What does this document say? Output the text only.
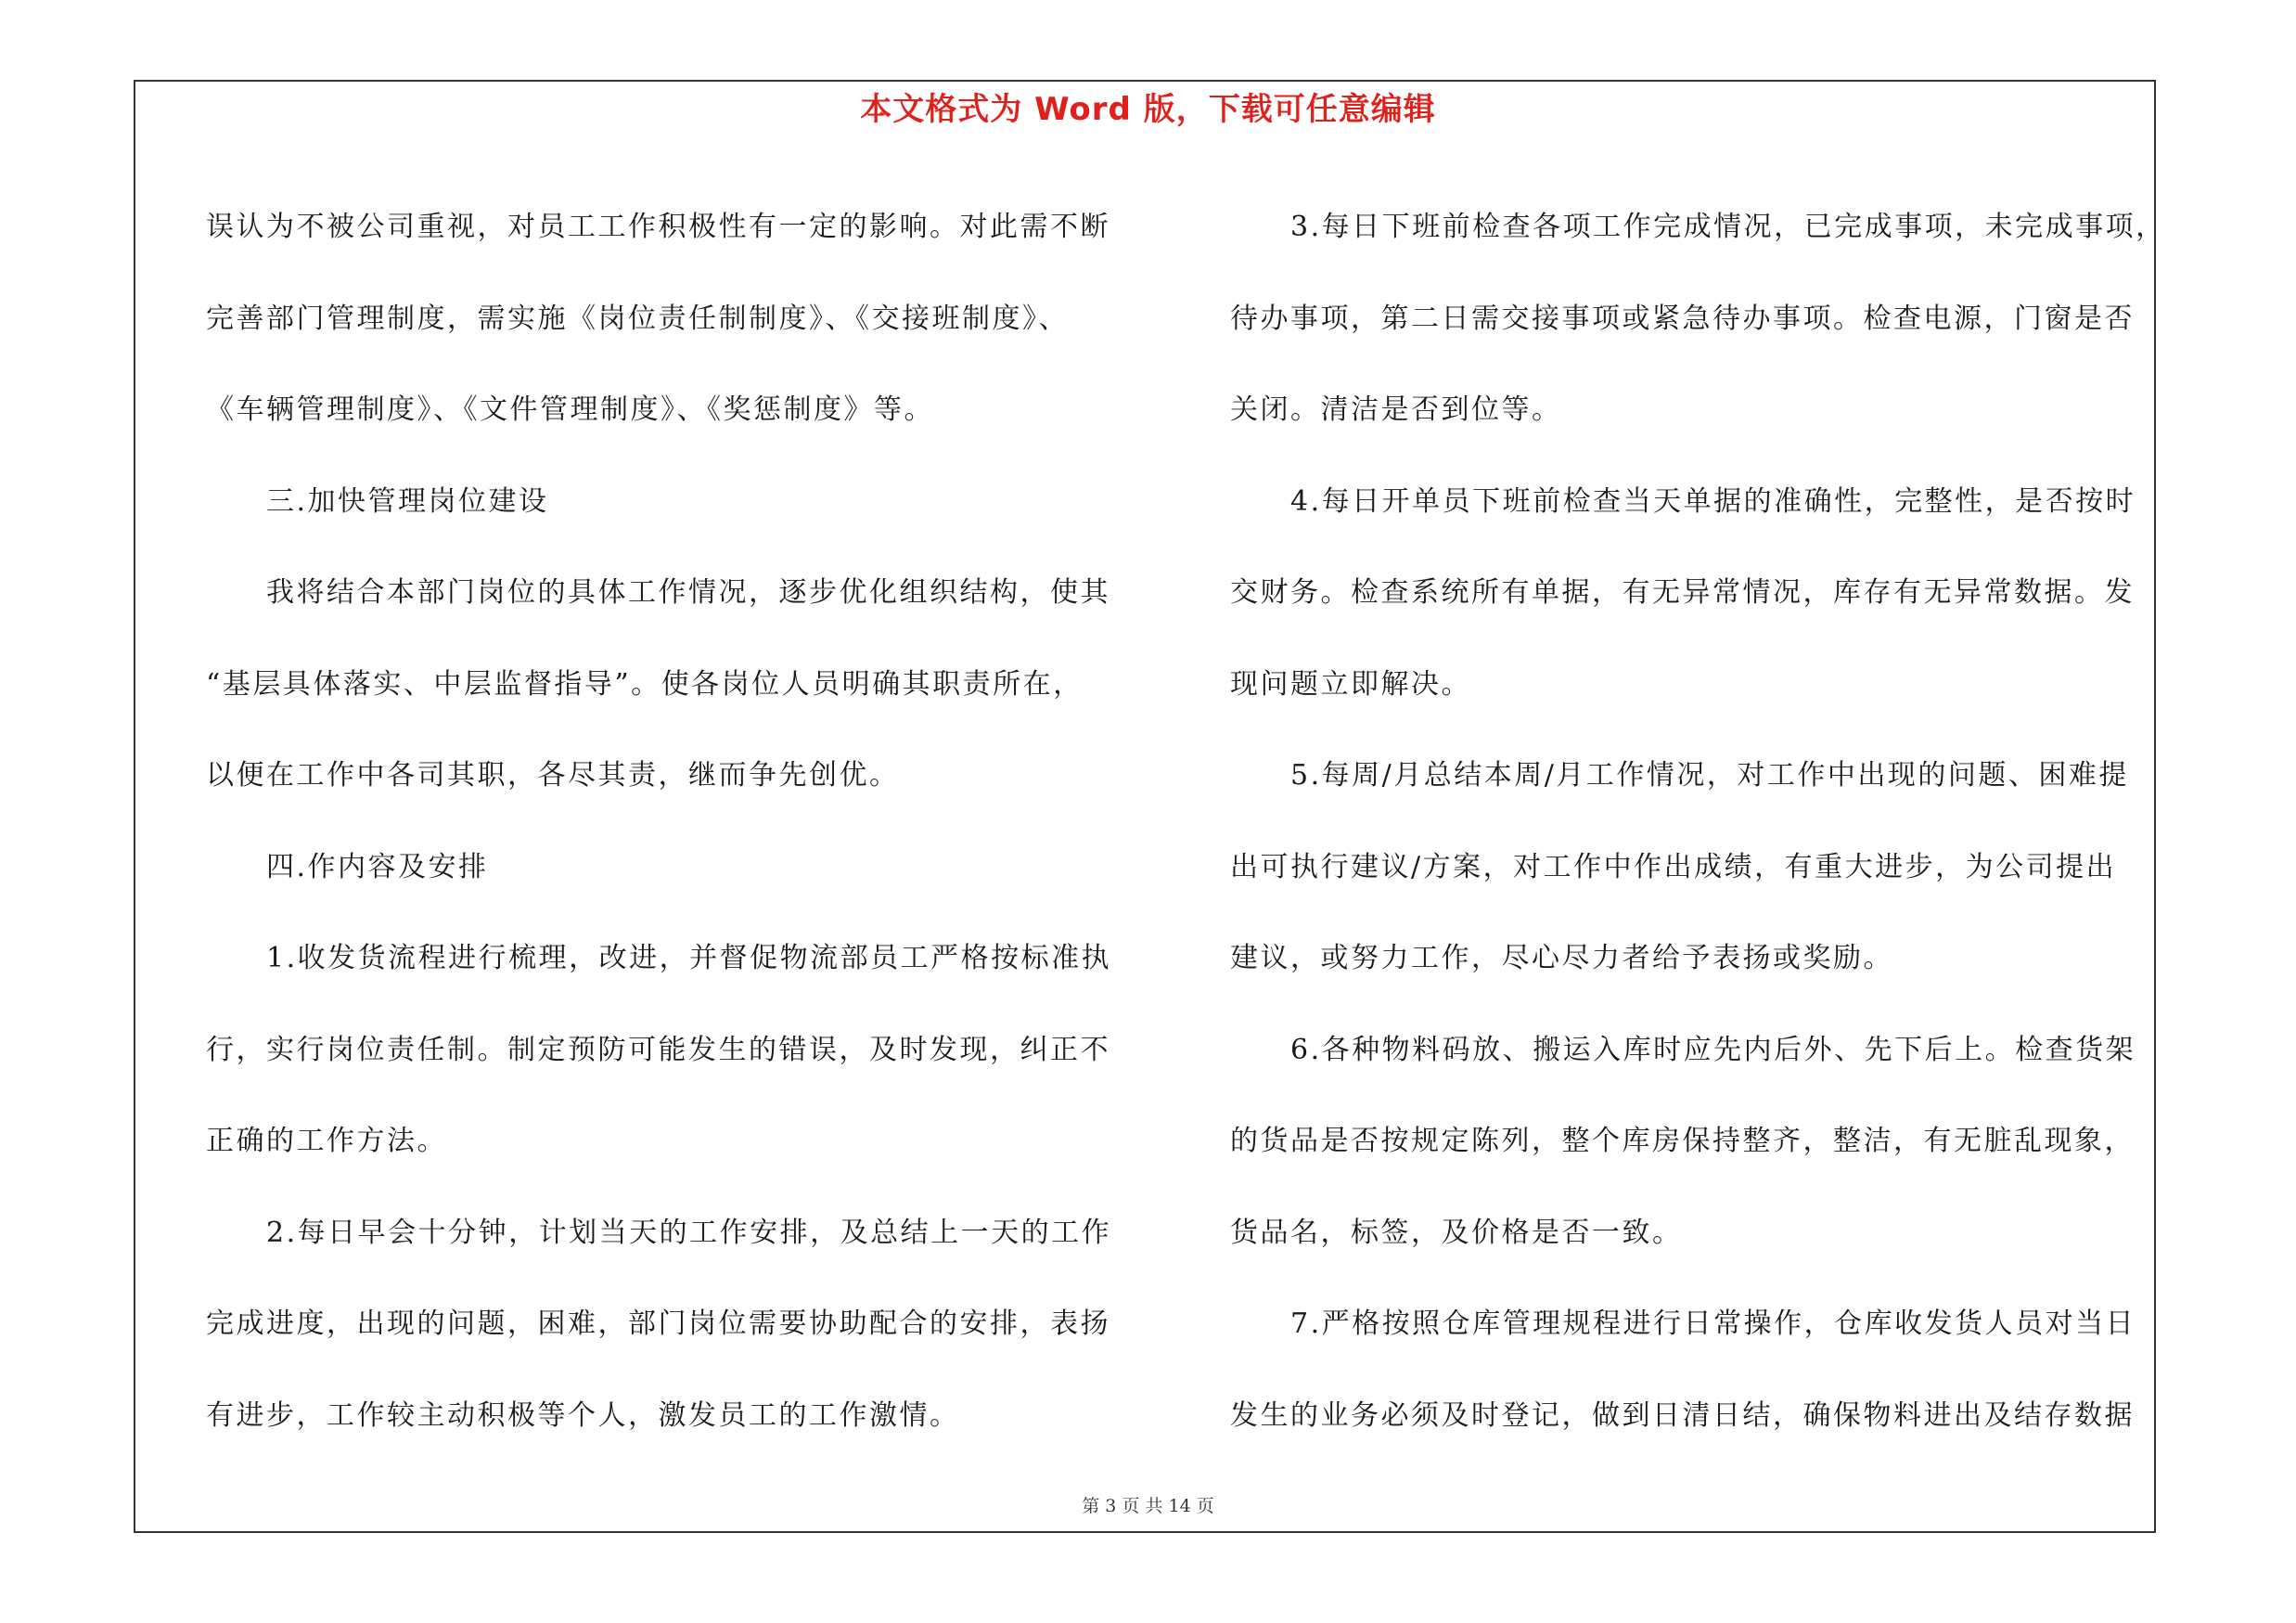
本文格式为 Word 版，下载可任意编辑
误认为不被公司重视，对员工工作积极性有一定的影响。对此需不断
完善部门管理制度，需实施《岗位责任制制度》、《交接班制度》、
《车辆管理制度》、《文件管理制度》、《奖惩制度》等。
　　三.加快管理岗位建设
　　我将结合本部门岗位的具体工作情况，逐步优化组织结构，使其
“基层具体落实、中层监督指导”。使各岗位人员明确其职责所在，
以便在工作中各司其职，各尽其责，继而争先创优。
　　四.作内容及安排
　　1.收发货流程进行梳理，改进，并督促物流部员工严格按标准执
行，实行岗位责任制。制定预防可能发生的错误，及时发现，纠正不
正确的工作方法。
　　2.每日早会十分钟，计划当天的工作安排，及总结上一天的工作
完成进度，出现的问题，困难，部门岗位需要协助配合的安排，表扬
有进步，工作较主动积极等个人，激发员工的工作激情。
　　3.每日下班前检查各项工作完成情况，已完成事项，未完成事项，
待办事项，第二日需交接事项或紧急待办事项。检查电源，门窗是否
关闭。清洁是否到位等。
　　4.每日开单员下班前检查当天单据的准确性，完整性，是否按时
交财务。检查系统所有单据，有无异常情况，库存有无异常数据。发
现问题立即解决。
　　5.每周/月总结本周/月工作情况，对工作中出现的问题、困难提
出可执行建议/方案，对工作中作出成绩，有重大进步，为公司提出
建议，或努力工作，尽心尽力者给予表扬或奖励。
　　6.各种物料码放、搬运入库时应先内后外、先下后上。检查货架
的货品是否按规定陈列，整个库房保持整齐，整洁，有无脏乱现象，
货品名，标签，及价格是否一致。
　　7.严格按照仓库管理规程进行日常操作，仓库收发货人员对当日
发生的业务必须及时登记，做到日清日结，确保物料进出及结存数据
第 3 页 共 14 页
